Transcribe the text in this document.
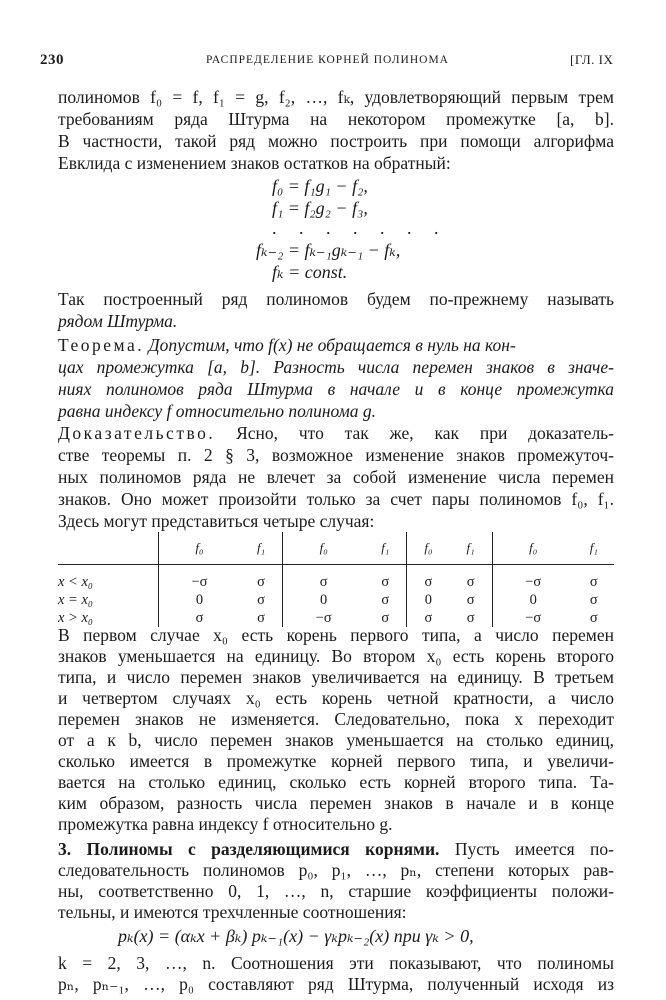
230	РАСПРЕДЕЛЕНИЕ КОРНЕЙ ПОЛИНОМА	[ГЛ. IX
полиномов f₀ = f, f₁ = g, f₂, …, fₖ, удовлетворяющий первым трем
требованиям ряда Штурма на некотором промежутке [a, b].
В частности, такой ряд можно построить при помощи алгорифма
Евклида с изменением знаков остатков на обратный:
f₀ = f₁g₁ − f₂,
f₁ = f₂g₂ − f₃,
. . . . . . .
fₖ₋₂ = fₖ₋₁gₖ₋₁ − fₖ,
fₖ = const.
Так построенный ряд полиномов будем по-прежнему называть
рядом Штурма.
Теорема. Допустим, что f(x) не обращается в нуль на кон-
цах промежутка [a, b]. Разность числа перемен знаков в значе-
ниях полиномов ряда Штурма в начале и в конце промежутка
равна индексу f относительно полинома g.
Доказательство. Ясно, что так же, как при доказатель-
стве теоремы п. 2 § 3, возможное изменение знаков промежуточ-
ных полиномов ряда не влечет за собой изменение числа перемен
	f₀	f₁	f₀	f₁	f₀	f₁	f₀	f₁
x < x₀	−σ	σ	σ	σ	σ	σ	−σ	σ
x = x₀	0	σ	0	σ	0	σ	0	σ
x > x₀	σ	σ	−σ	σ	σ	σ	−σ	σ
В первом случае x₀ есть корень первого типа, а число перемен
знаков уменьшается на единицу. Во втором x₀ есть корень второго
типа, и число перемен знаков увеличивается на единицу. В третьем
и четвертом случаях x₀ есть корень четной кратности, а число
перемен знаков не изменяется. Следовательно, пока x переходит
от a к b, число перемен знаков уменьшается на столько единиц,
сколько имеется в промежутке корней первого типа, и увеличи-
вается на столько единиц, сколько есть корней второго типа. Та-
ким образом, разность числа перемен знаков в начале и в конце
промежутка равна индексу f относительно g.
3. Полиномы с разделяющимися корнями. Пусть имеется по-
знаков. Оно может произойти только за счет пары полиномов f₀, f₁.
Здесь могут представиться четыре случая:
следовательность полиномов p₀, p₁, …, pₙ, степени которых рав-
ны, соответственно 0, 1, …, n, старшие коэффициенты положи-
тельны, и имеются трехчленные соотношения:
pₖ(x) = (αₖx + βₖ) pₖ₋₁(x) − γₖpₖ₋₂(x) при γₖ > 0,
k = 2, 3, …, n. Соотношения эти показывают, что полиномы
pₙ, pₙ₋₁, …, p₀ составляют ряд Штурма, полученный исходя из
